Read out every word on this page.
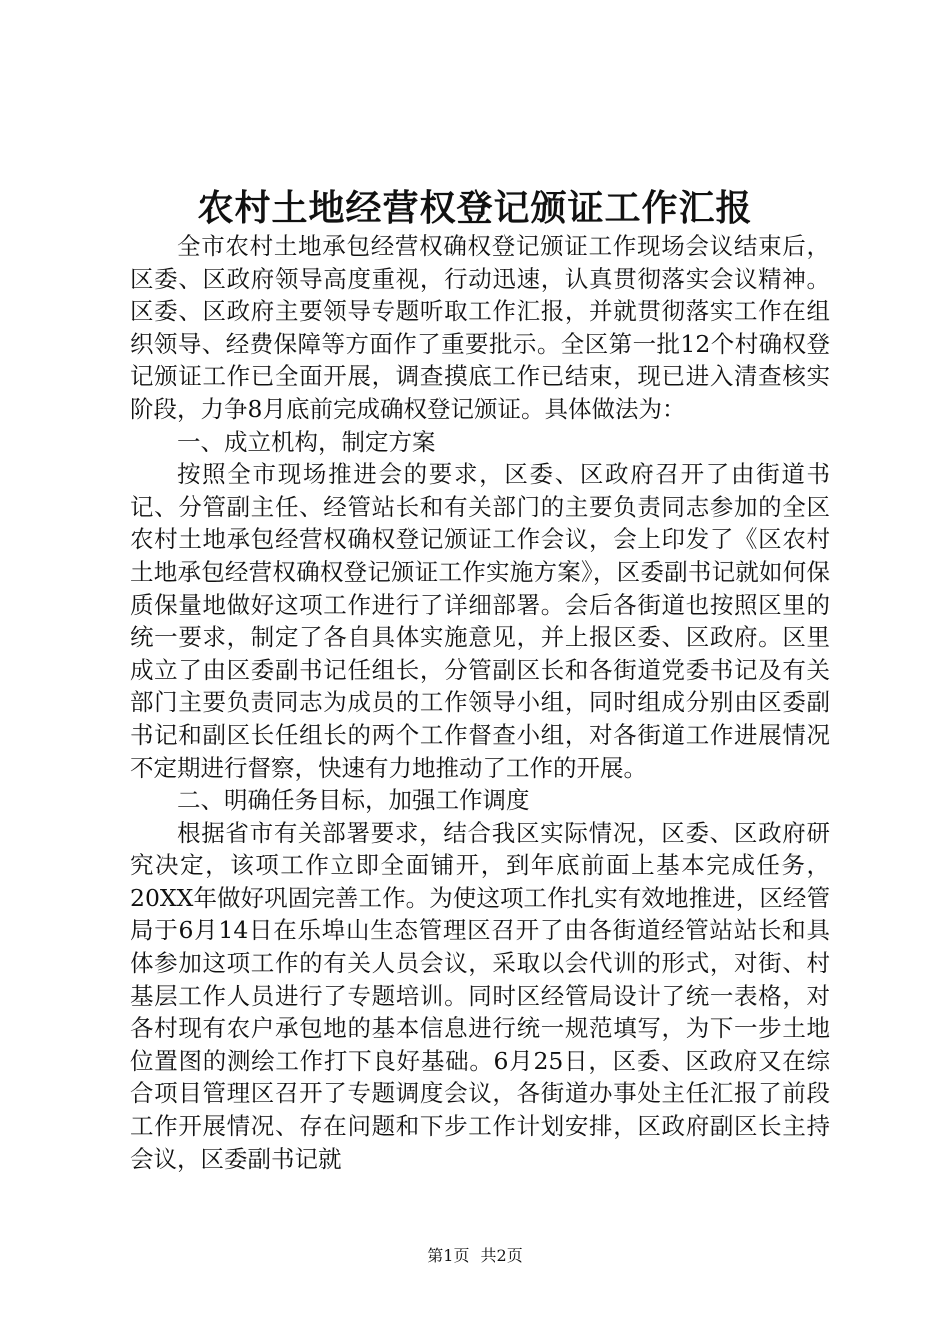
农村土地经营权登记颁证工作汇报

全市农村土地承包经营权确权登记颁证工作现场会议结束后，区委、区政府领导高度重视，行动迅速，认真贯彻落实会议精神。区委、区政府主要领导专题听取工作汇报，并就贯彻落实工作在组织领导、经费保障等方面作了重要批示。全区第一批12个村确权登记颁证工作已全面开展，调查摸底工作已结束，现已进入清查核实阶段，力争8月底前完成确权登记颁证。具体做法为：

一、成立机构，制定方案

按照全市现场推进会的要求，区委、区政府召开了由街道书记、分管副主任、经管站长和有关部门的主要负责同志参加的全区农村土地承包经营权确权登记颁证工作会议，会上印发了《区农村土地承包经营权确权登记颁证工作实施方案》，区委副书记就如何保质保量地做好这项工作进行了详细部署。会后各街道也按照区里的统一要求，制定了各自具体实施意见，并上报区委、区政府。区里成立了由区委副书记任组长，分管副区长和各街道党委书记及有关部门主要负责同志为成员的工作领导小组，同时组成分别由区委副书记和副区长任组长的两个工作督查小组，对各街道工作进展情况不定期进行督察，快速有力地推动了工作的开展。

二、明确任务目标，加强工作调度

根据省市有关部署要求，结合我区实际情况，区委、区政府研究决定，该项工作立即全面铺开，到年底前面上基本完成任务，20XX年做好巩固完善工作。为使这项工作扎实有效地推进，区经管局于6月14日在乐埠山生态管理区召开了由各街道经管站站长和具体参加这项工作的有关人员会议，采取以会代训的形式，对街、村基层工作人员进行了专题培训。同时区经管局设计了统一表格，对各村现有农户承包地的基本信息进行统一规范填写，为下一步土地位置图的测绘工作打下良好基础。6月25日，区委、区政府又在综合项目管理区召开了专题调度会议，各街道办事处主任汇报了前段工作开展情况、存在问题和下步工作计划安排，区政府副区长主持会议，区委副书记就

第1页 共2页
